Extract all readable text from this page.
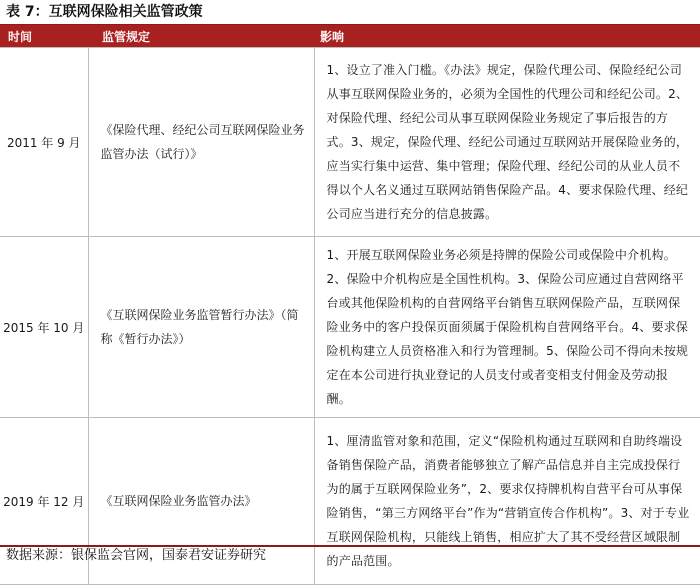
表 7：互联网保险相关监管政策
时间	监管规定	影响
2011 年 9 月	《保险代理、经纪公司互联网保险业务监管办法（试行）》	1、设立了准入门槛。《办法》规定，保险代理公司、保险经纪公司从事互联网保险业务的，必须为全国性的代理公司和经纪公司。2、对保险代理、经纪公司从事互联网保险业务规定了事后报告的方式。3、规定，保险代理、经纪公司通过互联网站开展保险业务的，应当实行集中运营、集中管理；保险代理、经纪公司的从业人员不得以个人名义通过互联网站销售保险产品。4、要求保险代理、经纪公司应当进行充分的信息披露。
2015 年 10 月	《互联网保险业务监管暂行办法》（简称《暂行办法》）	1、开展互联网保险业务必须是持牌的保险公司或保险中介机构。2、保险中介机构应是全国性机构。3、保险公司应通过自营网络平台或其他保险机构的自营网络平台销售互联网保险产品，互联网保险业务中的客户投保页面须属于保险机构自营网络平台。4、要求保险机构建立人员资格准入和行为管理制。5、保险公司不得向未按规定在本公司进行执业登记的人员支付或者变相支付佣金及劳动报酬。
2019 年 12 月	《互联网保险业务监管办法》	1、厘清监管对象和范围，定义“保险机构通过互联网和自助终端设备销售保险产品，消费者能够独立了解产品信息并自主完成投保行为的属于互联网保险业务”，2、要求仅持牌机构自营平台可从事保险销售，“第三方网络平台”作为“营销宣传合作机构”。3、对于专业互联网保险机构，只能线上销售，相应扩大了其不受经营区域限制的产品范围。
数据来源：银保监会官网，国泰君安证券研究
